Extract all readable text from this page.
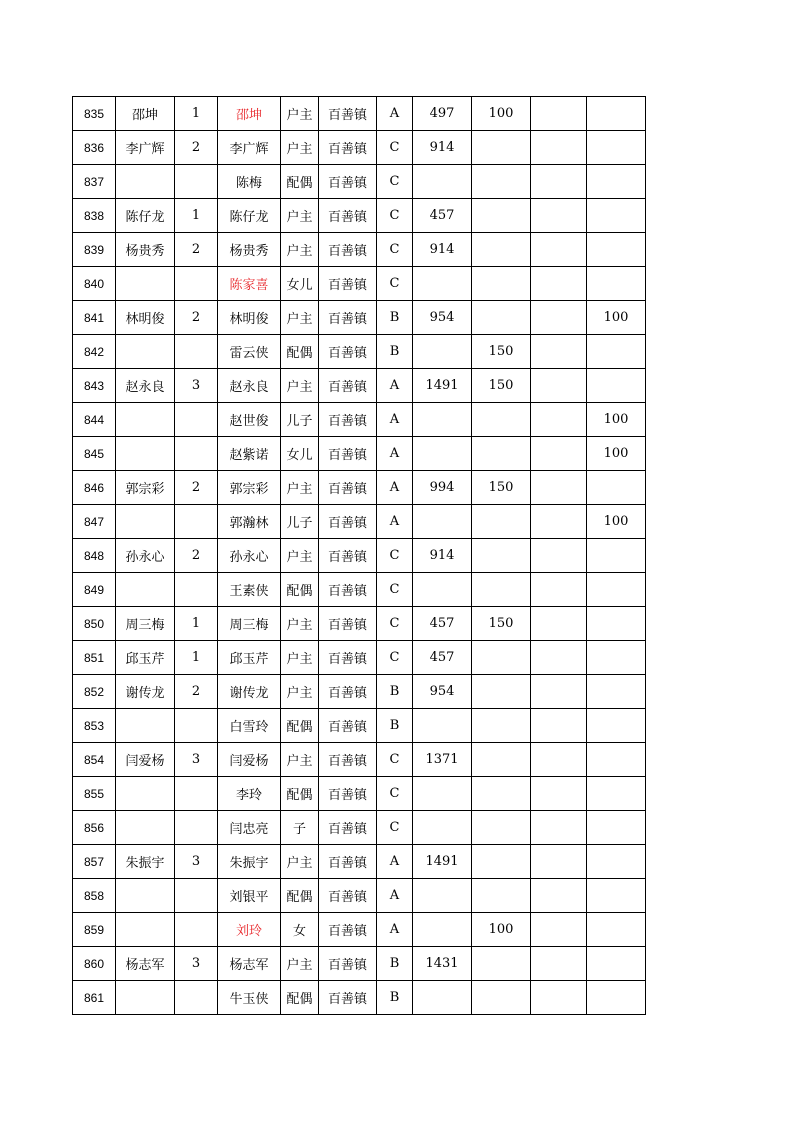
835	邵坤	1	邵坤	户主	百善镇	A	497	100		
836	李广辉	2	李广辉	户主	百善镇	C	914			
837			陈梅	配偶	百善镇	C				
838	陈仔龙	1	陈仔龙	户主	百善镇	C	457			
839	杨贵秀	2	杨贵秀	户主	百善镇	C	914			
840			陈家喜	女儿	百善镇	C				
841	林明俊	2	林明俊	户主	百善镇	B	954			100
842			雷云侠	配偶	百善镇	B		150		
843	赵永良	3	赵永良	户主	百善镇	A	1491	150		
844			赵世俊	儿子	百善镇	A				100
845			赵紫诺	女儿	百善镇	A				100
846	郭宗彩	2	郭宗彩	户主	百善镇	A	994	150		
847			郭瀚林	儿子	百善镇	A				100
848	孙永心	2	孙永心	户主	百善镇	C	914			
849			王素侠	配偶	百善镇	C				
850	周三梅	1	周三梅	户主	百善镇	C	457	150		
851	邱玉芹	1	邱玉芹	户主	百善镇	C	457			
852	谢传龙	2	谢传龙	户主	百善镇	B	954			
853			白雪玲	配偶	百善镇	B				
854	闫爱杨	3	闫爱杨	户主	百善镇	C	1371			
855			李玲	配偶	百善镇	C				
856			闫忠亮	子	百善镇	C				
857	朱振宇	3	朱振宇	户主	百善镇	A	1491			
858			刘银平	配偶	百善镇	A				
859			刘玲	女	百善镇	A		100		
860	杨志军	3	杨志军	户主	百善镇	B	1431			
861			牛玉侠	配偶	百善镇	B				
